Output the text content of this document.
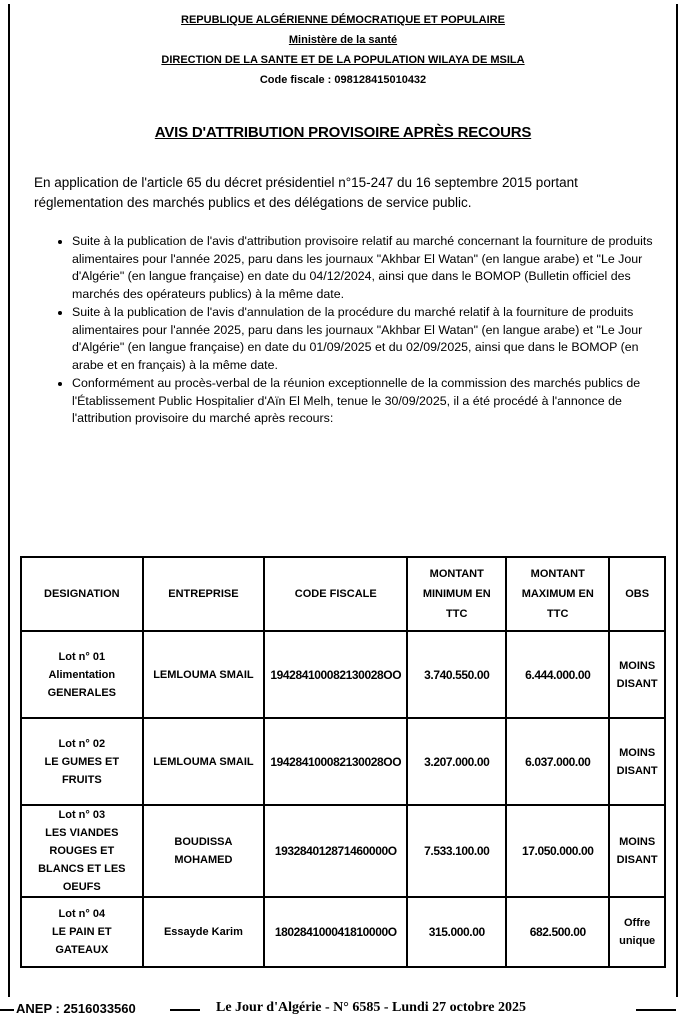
REPUBLIQUE ALGÉRIENNE DÉMOCRATIQUE ET POPULAIRE
Ministère de la santé
DIRECTION DE LA SANTE ET DE LA POPULATION WILAYA DE MSILA
Code fiscale : 098128415010432
AVIS D'ATTRIBUTION PROVISOIRE APRÈS RECOURS

En application de l'article 65 du décret présidentiel n°15-247 du 16 septembre 2015 portant réglementation des marchés publics et des délégations de service public.

• Suite à la publication de l'avis d'attribution provisoire relatif au marché concernant la fourniture de produits alimentaires pour l'année 2025, paru dans les journaux "Akhbar El Watan" (en langue arabe) et "Le Jour d'Algérie" (en langue française) en date du 04/12/2024, ainsi que dans le BOMOP (Bulletin officiel des marchés des opérateurs publics) à la même date.
• Suite à la publication de l'avis d'annulation de la procédure du marché relatif à la fourniture de produits alimentaires pour l'année 2025, paru dans les journaux "Akhbar El Watan" (en langue arabe) et "Le Jour d'Algérie" (en langue française) en date du 01/09/2025 et du 02/09/2025, ainsi que dans le BOMOP (en arabe et en français) à la même date.
• Conformément au procès-verbal de la réunion exceptionnelle de la commission des marchés publics de l'Établissement Public Hospitalier d'Aïn El Melh, tenue le 30/09/2025, il a été procédé à l'annonce de l'attribution provisoire du marché après recours:
DESIGNATION	ENTREPRISE	CODE FISCALE	MONTANT MINIMUM EN TTC	MONTANT MAXIMUM EN TTC	OBS

Lot n° 01
Alimentation GENERALES	LEMLOUMA SMAIL	194284100082130028OO	3.740.550.00	6.444.000.00	MOINS DISANT

Lot n° 02
LE GUMES ET FRUITS	LEMLOUMA SMAIL	194284100082130028OO	3.207.000.00	6.037.000.00	MOINS DISANT

Lot n° 03
LES VIANDES ROUGES ET BLANCS ET LES OEUFS	BOUDISSA MOHAMED	193284012871460000O	7.533.100.00	17.050.000.00	MOINS DISANT

Lot n° 04
LE PAIN ET GATEAUX	Essayde Karim	180284100041810000O	315.000.00	682.500.00	Offre unique
ANEP : 2516033560	Le Jour d'Algérie - N° 6585 - Lundi 27 octobre 2025
